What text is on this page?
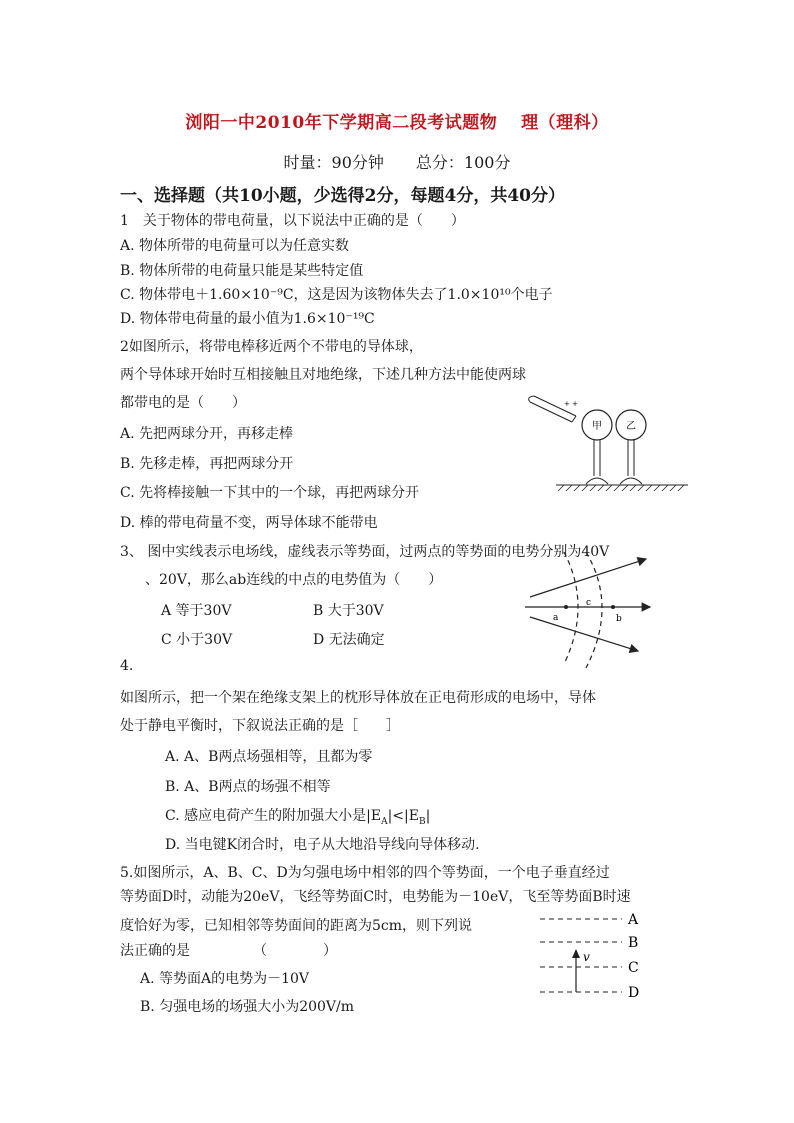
浏阳一中2010年下学期高二段考试题物　 理（理科）
时量：90分钟　　总分：100分
一、选择题（共10小题，少选得2分，每题4分，共40分）
1　关于物体的带电荷量，以下说法中正确的是（　　）
A. 物体所带的电荷量可以为任意实数
B. 物体所带的电荷量只能是某些特定值
C. 物体带电＋1.60×10⁻⁹C，这是因为该物体失去了1.0×10¹⁰个电子
D. 物体带电荷量的最小值为1.6×10⁻¹⁹C
2如图所示，将带电棒移近两个不带电的导体球，
两个导体球开始时互相接触且对地绝缘，下述几种方法中能使两球
都带电的是（　　）
A. 先把两球分开，再移走棒
B. 先移走棒，再把两球分开
C. 先将棒接触一下其中的一个球，再把两球分开
D. 棒的带电荷量不变，两导体球不能带电
+ +
甲 乙
3、 图中实线表示电场线，虚线表示等势面，过两点的等势面的电势分别为40V
、20V，那么ab连线的中点的电势值为（　　）
A 等于30V	B 大于30V
C 小于30V	D 无法确定
a
c
b
4.
如图所示，把一个架在绝缘支架上的枕形导体放在正电荷形成的电场中，导体
处于静电平衡时，下叙说法正确的是［　　］
A. A、B两点场强相等，且都为零
B. A、B两点的场强不相等
C. 感应电荷产生的附加强大小是$|E_A|<|E_B|$
D. 当电键K闭合时，电子从大地沿导线向导体移动.
5.如图所示，A、B、C、D为匀强电场中相邻的四个等势面，一个电子垂直经过
等势面D时，动能为20eV，飞经等势面C时，电势能为－10eV，飞至等势面B时速
度恰好为零，已知相邻等势面间的距离为5cm，则下列说
法正确的是　　　　　（　　　　）
A. 等势面A的电势为－10V
B. 匀强电场的场强大小为200V/m
v
A
B
C
D
